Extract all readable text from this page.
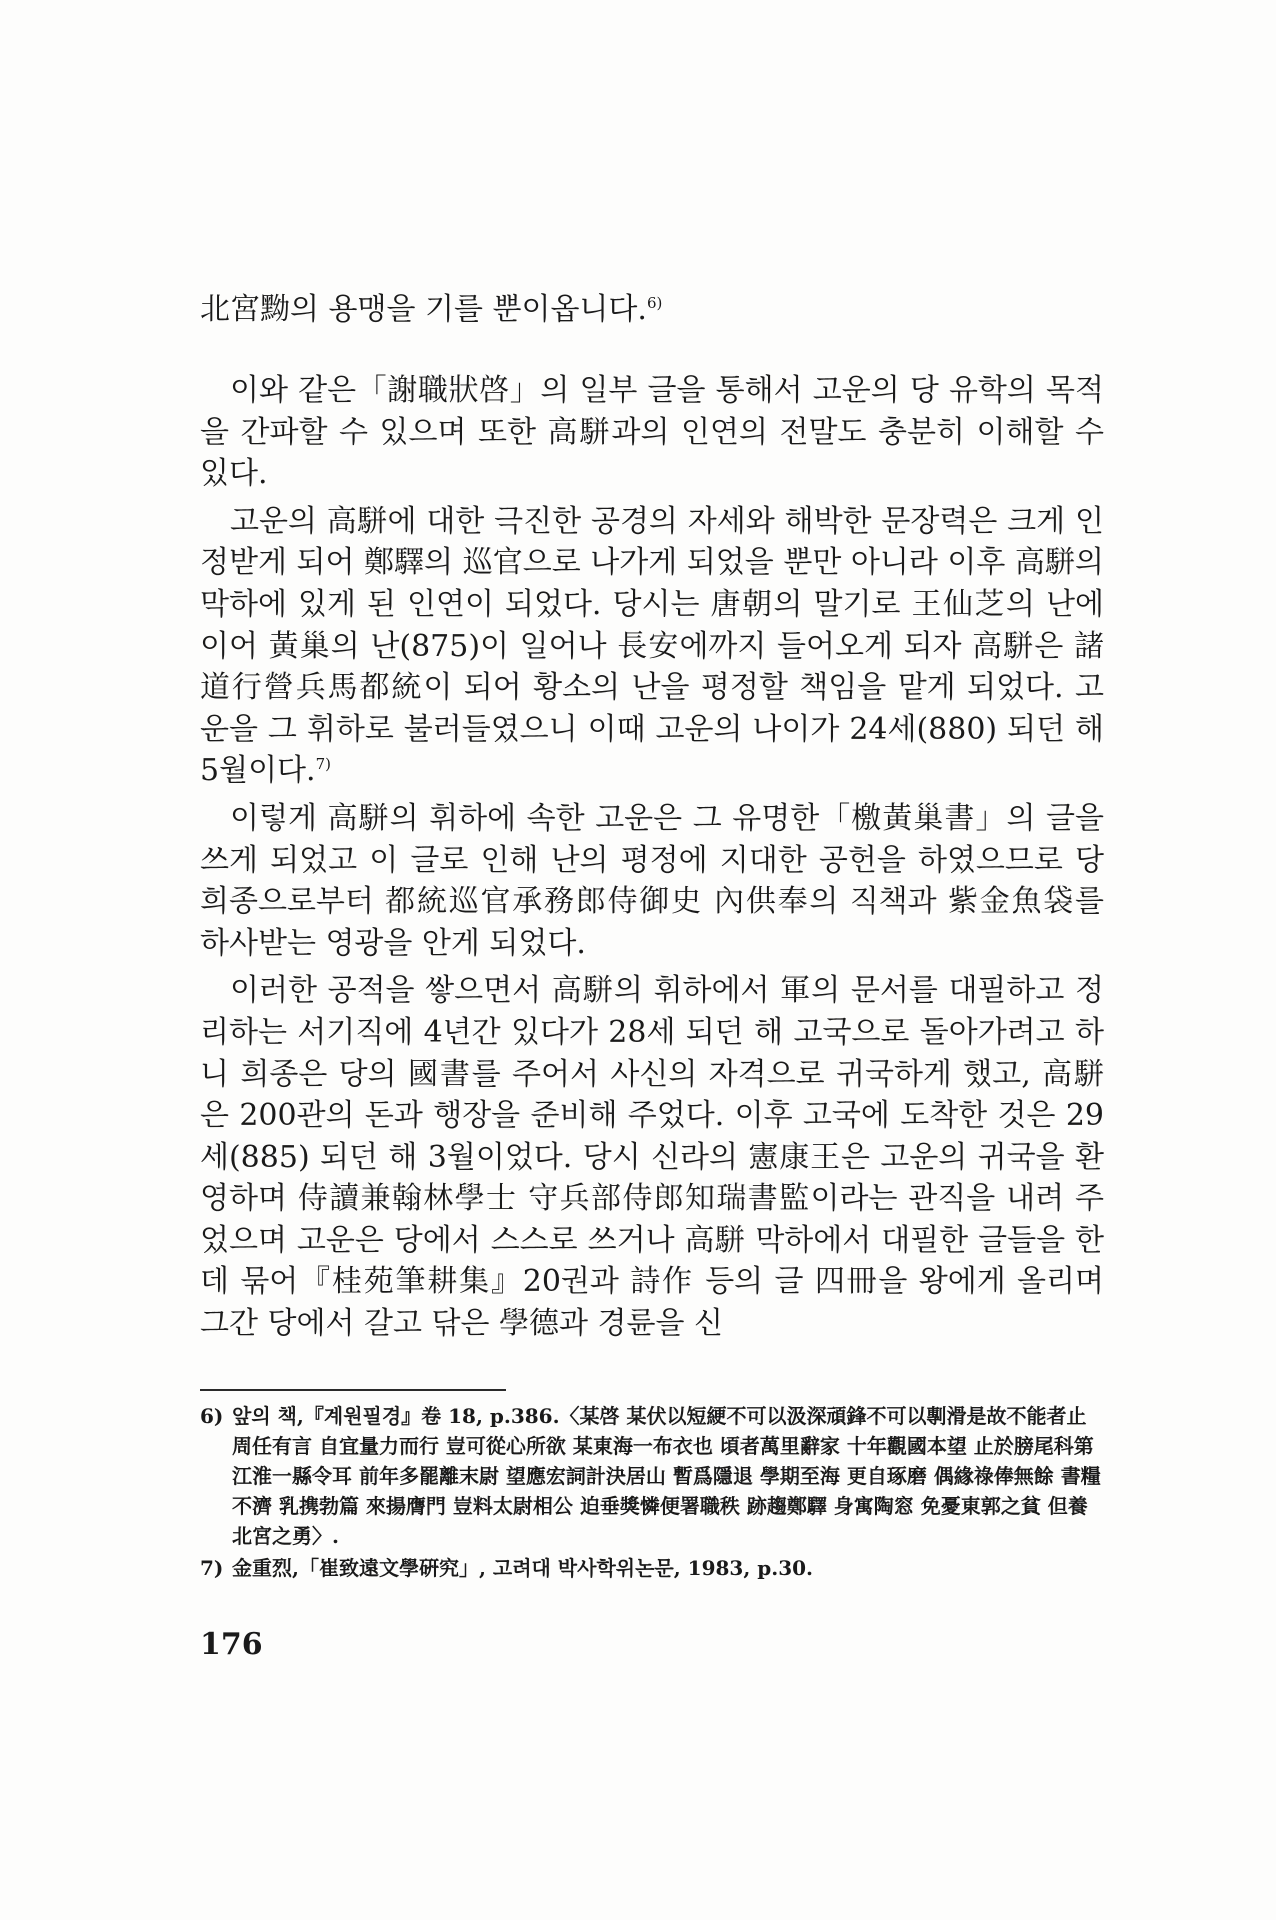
北宮黝의 용맹을 기를 뿐이옵니다.$^{6)}$

이와 같은「謝職狀啓」의 일부 글을 통해서 고운의 당 유학의 목적을 간파할 수 있으며 또한 高駢과의 인연의 전말도 충분히 이해할 수 있다.

고운의 高駢에 대한 극진한 공경의 자세와 해박한 문장력은 크게 인정받게 되어 鄭驛의 巡官으로 나가게 되었을 뿐만 아니라 이후 高駢의 막하에 있게 된 인연이 되었다. 당시는 唐朝의 말기로 王仙芝의 난에 이어 黃巢의 난(875)이 일어나 長安에까지 들어오게 되자 高駢은 諸道行營兵馬都統이 되어 황소의 난을 평정할 책임을 맡게 되었다. 고운을 그 휘하로 불러들였으니 이때 고운의 나이가 24세(880) 되던 해 5월이다.$^{7)}$

이렇게 高駢의 휘하에 속한 고운은 그 유명한「檄黃巢書」의 글을 쓰게 되었고 이 글로 인해 난의 평정에 지대한 공헌을 하였으므로 당 희종으로부터 都統巡官承務郎侍御史 內供奉의 직책과 紫金魚袋를 하사받는 영광을 안게 되었다.

이러한 공적을 쌓으면서 高駢의 휘하에서 軍의 문서를 대필하고 정리하는 서기직에 4년간 있다가 28세 되던 해 고국으로 돌아가려고 하니 희종은 당의 國書를 주어서 사신의 자격으로 귀국하게 했고, 高駢은 200관의 돈과 행장을 준비해 주었다. 이후 고국에 도착한 것은 29세(885) 되던 해 3월이었다. 당시 신라의 憲康王은 고운의 귀국을 환영하며 侍讀兼翰林學士 守兵部侍郎知瑞書監이라는 관직을 내려 주었으며 고운은 당에서 스스로 쓰거나 高駢 막하에서 대필한 글들을 한데 묶어『桂苑筆耕集』20권과 詩作 등의 글 四冊을 왕에게 올리며 그간 당에서 갈고 닦은 學德과 경륜을 신

6) 앞의 책,『계원필경』卷 18, p.386.〈某啓 某伏以短綆不可以汲深頑鋒不可以剸滑是故不能者止 周任有言 自宜量力而行 豈可從心所欲 某東海一布衣也 頃者萬里辭家 十年觀國本望 止於膀尾科第 江淮一縣令耳 前年多罷離末尉 望應宏詞計決居山 暫爲隱退 學期至海 更自琢磨 偶緣祿俸無餘 書糧不濟 乳携勃篇 來揚膺門 豈料太尉相公 迫垂獎憐便署職秩 跡趨鄭驛 身寓陶窓 免憂東郭之貧 但養北宮之勇〉.

7) 金重烈,「崔致遠文學硏究」, 고려대 박사학위논문, 1983, p.30.

176
